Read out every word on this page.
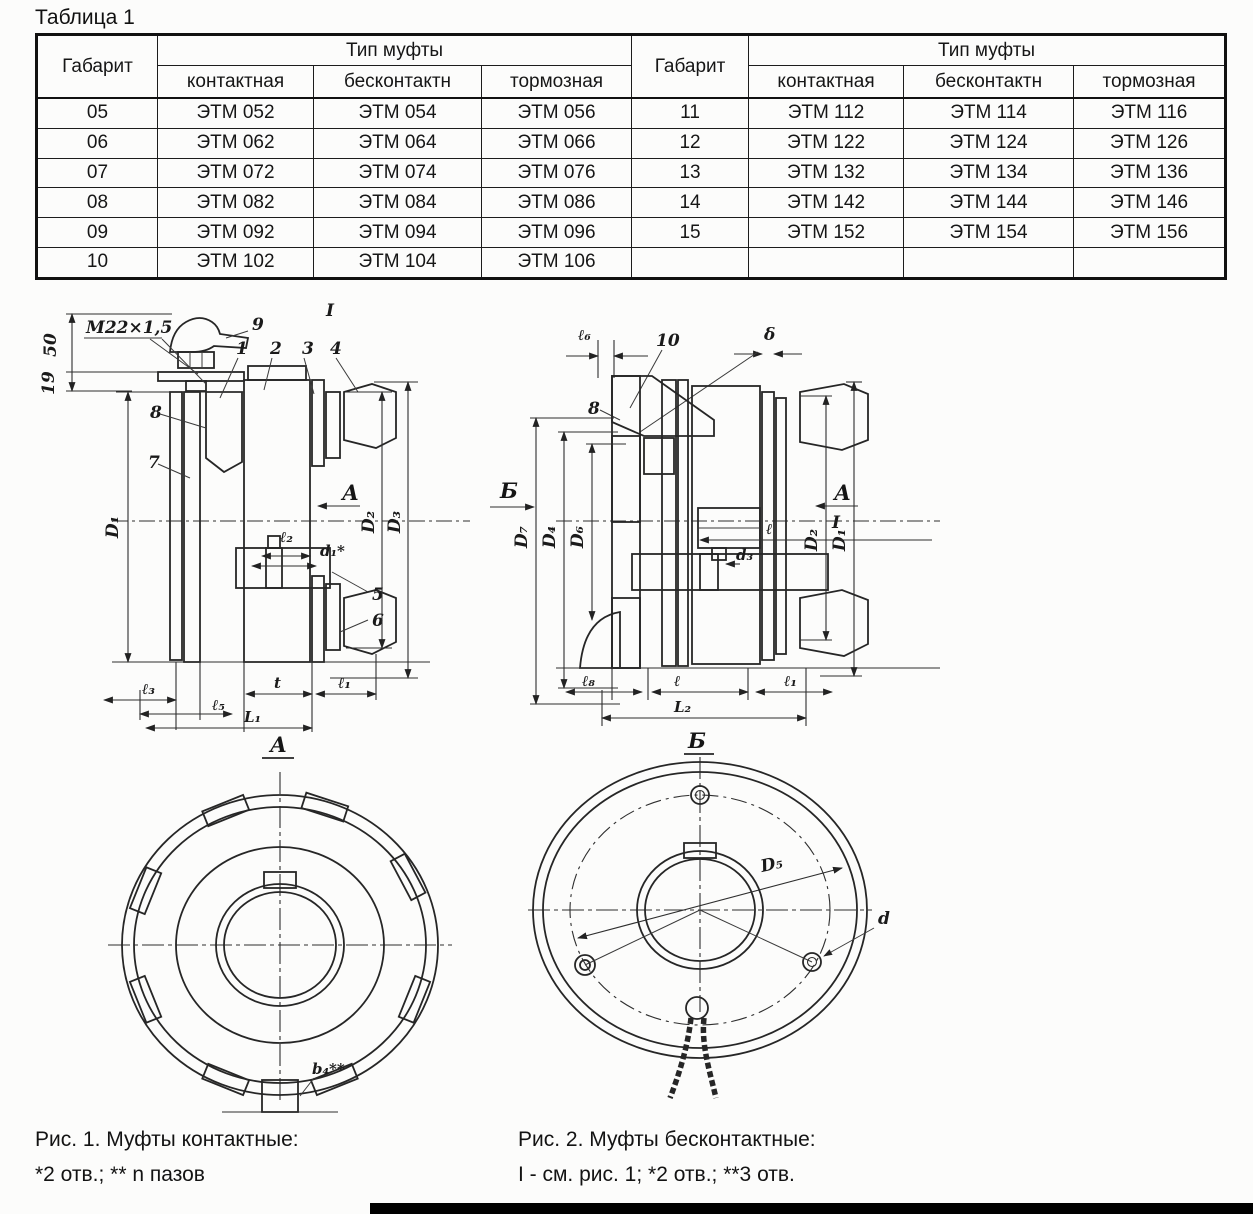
Таблица 1
Габарит	Тип муфты			Габарит	Тип муфты		
	контактная	бесконтактн	тормозная		контактная	бесконтактн	тормозная
05	ЭТМ 052	ЭТМ 054	ЭТМ 056	11	ЭТМ 112	ЭТМ 114	ЭТМ 116
06	ЭТМ 062	ЭТМ 064	ЭТМ 066	12	ЭТМ 122	ЭТМ 124	ЭТМ 126
07	ЭТМ 072	ЭТМ 074	ЭТМ 076	13	ЭТМ 132	ЭТМ 134	ЭТМ 136
08	ЭТМ 082	ЭТМ 084	ЭТМ 086	14	ЭТМ 142	ЭТМ 144	ЭТМ 146
09	ЭТМ 092	ЭТМ 094	ЭТМ 096	15	ЭТМ 152	ЭТМ 154	ЭТМ 156
10	ЭТМ 102	ЭТМ 104	ЭТМ 106				
М22×1,5
50
19
I
9
1 2 3 4
8
7
5
6
D₁	D₂ D₃
А
ℓ₂
d₁*
ℓ₃
ℓ₅
t	ℓ₁
L₁
А
b₄**
ℓ₆	10	δ
8
Б
D₇ D₄ D₆	D₂ D₁
А
I
ℓ
d₃
ℓ₈	ℓ	ℓ₁
L₂
Б
D₅
d
Рис. 1. Муфты контактные:
*2 отв.; ** n пазов
Рис. 2. Муфты бесконтактные:
I - см. рис. 1; *2 отв.; **3 отв.
